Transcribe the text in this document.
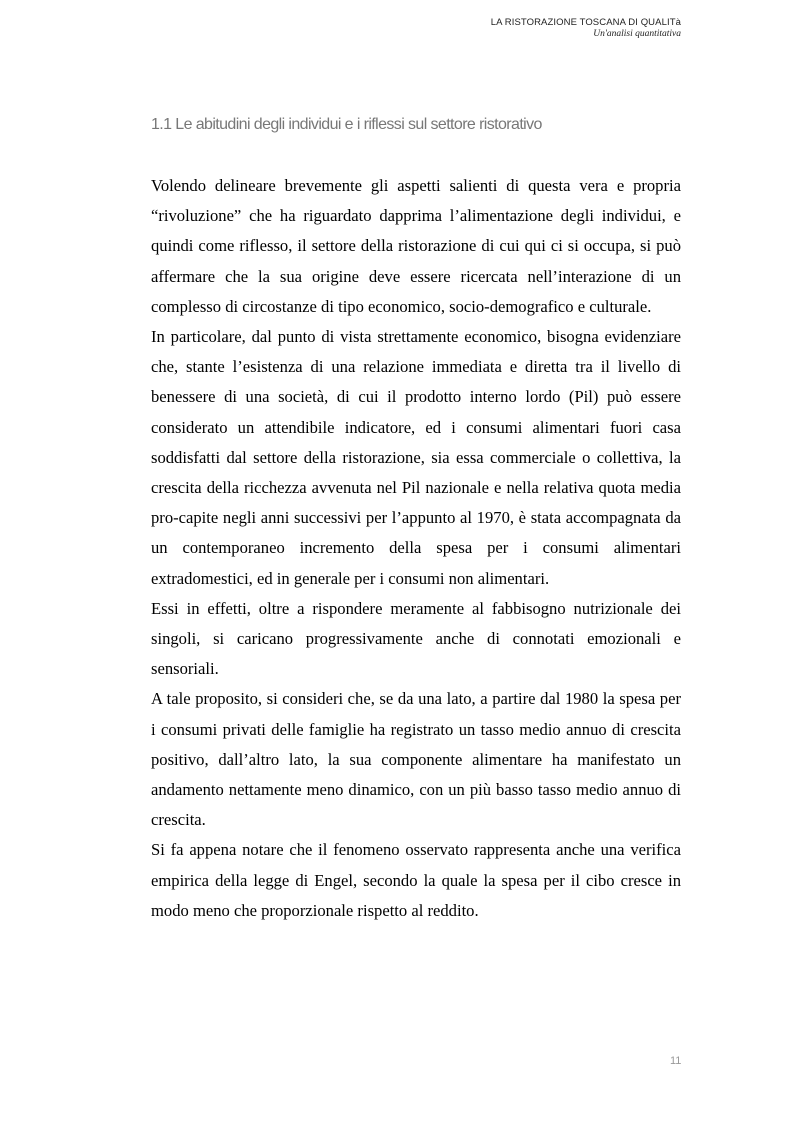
LA RISTORAZIONE TOSCANA DI QUALITà
Un'analisi quantitativa
1.1 Le abitudini degli individui e i riflessi sul settore ristorativo

Volendo delineare brevemente gli aspetti salienti di questa vera e propria “rivoluzione” che ha riguardato dapprima l’alimentazione degli individui, e quindi come riflesso, il settore della ristorazione di cui qui ci si occupa, si può affermare che la sua origine deve essere ricercata nell’interazione di un complesso di circostanze di tipo economico, socio-demografico e culturale.

In particolare, dal punto di vista strettamente economico, bisogna evidenziare che, stante l’esistenza di una relazione immediata e diretta tra il livello di benessere di una società, di cui il prodotto interno lordo (Pil) può essere considerato un attendibile indicatore, ed i consumi alimentari fuori casa soddisfatti dal settore della ristorazione, sia essa commerciale o collettiva, la crescita della ricchezza avvenuta nel Pil nazionale e nella relativa quota media pro-capite negli anni successivi per l’appunto al 1970, è stata accompagnata da un contemporaneo incremento della spesa per i consumi alimentari extradomestici, ed in generale per i consumi non alimentari.

Essi in effetti, oltre a rispondere meramente al fabbisogno nutrizionale dei singoli, si caricano progressivamente anche di connotati emozionali e sensoriali.

A tale proposito, si consideri che, se da una lato, a partire dal 1980 la spesa per i consumi privati delle famiglie ha registrato un tasso medio annuo di crescita positivo, dall’altro lato, la sua componente alimentare ha manifestato un andamento nettamente meno dinamico, con un più basso tasso medio annuo di crescita.

Si fa appena notare che il fenomeno osservato rappresenta anche una verifica empirica della legge di Engel, secondo la quale la spesa per il cibo cresce in modo meno che proporzionale rispetto al reddito.

11
